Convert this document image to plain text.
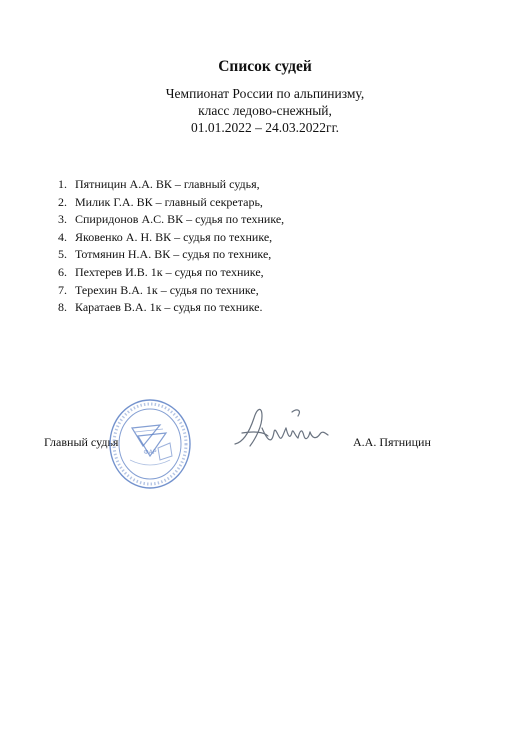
Список судей
Чемпионат России по альпинизму,
класс ледово-снежный,
01.01.2022 – 24.03.2022гг.
1. Пятницин А.А. ВК – главный судья,
2. Милик Г.А. ВК – главный секретарь,
3. Спиридонов А.С. ВК – судья по технике,
4. Яковенко А. Н. ВК – судья по технике,
5. Тотмянин Н.А. ВК – судья по технике,
6. Пехтерев И.В. 1к – судья по технике,
7. Терехин В.А. 1к – судья по технике,
8. Каратаев В.А. 1к – судья по технике.
Главный судья
ФАР
А.А. Пятницин
